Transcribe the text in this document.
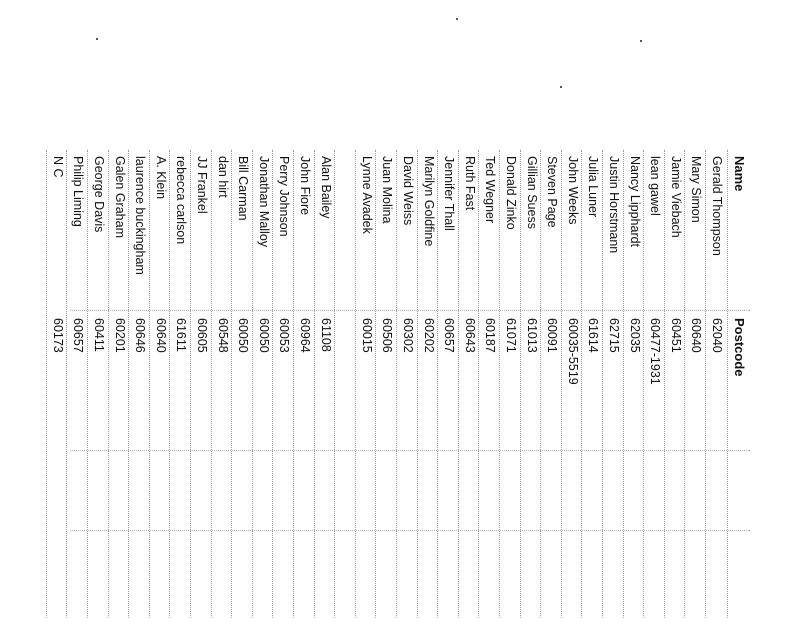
Name
Postcode
Gerald Thompson
62040
Mary Simon
60640
Jamie Viebach
60451
lean gawel
60477-1931
Nancy Lipphardt
62035
Justin Horstmann
62715
Julia Luner
61614
John Weeks
60035-5519
Steven Page
60091
Gillian Suess
61013
Donald Zinko
61071
Ted Wegner
60187
Ruth Fast
60643
Jennifer Thall
60657
Marilyn Goldfine
60202
David Weiss
60302
Juan Molina
60506
Lynne Avadek
60015
Alan Bailey
61108
John Fiore
60964
Perry Johnson
60053
Jonathan Malloy
60050
Bill Carman
60050
dan hirt
60548
JJ Frankel
60605
rebecca carlson
61611
A. Klein
60640
laurence buckingham
60646
Galen Graham
60201
George Davis
60411
Philip Liming
60657
N C
60173
